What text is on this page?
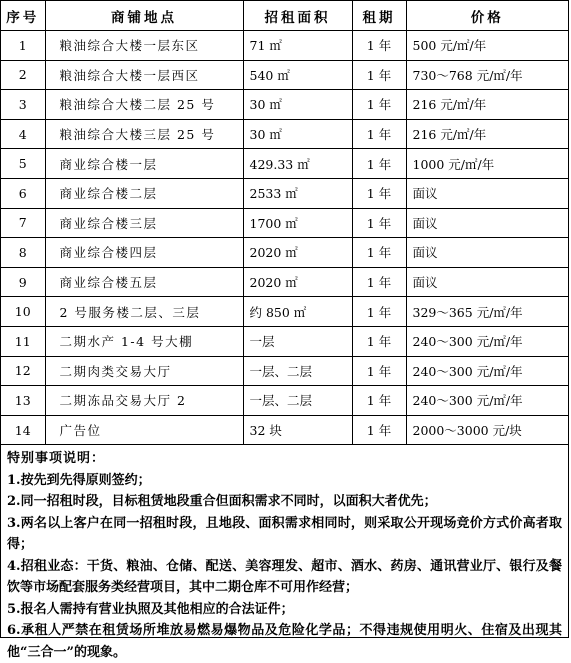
序号	商铺地点	招租面积	租期	价格
1	粮油综合大楼一层东区	71 ㎡	1 年	500 元/㎡/年
2	粮油综合大楼一层西区	540 ㎡	1 年	730～768 元/㎡/年
3	粮油综合大楼二层 25 号	30 ㎡	1 年	216 元/㎡/年
4	粮油综合大楼三层 25 号	30 ㎡	1 年	216 元/㎡/年
5	商业综合楼一层	429.33 ㎡	1 年	1000 元/㎡/年
6	商业综合楼二层	2533 ㎡	1 年	面议
7	商业综合楼三层	1700 ㎡	1 年	面议
8	商业综合楼四层	2020 ㎡	1 年	面议
9	商业综合楼五层	2020 ㎡	1 年	面议
10	2 号服务楼二层、三层	约 850 ㎡	1 年	329～365 元/㎡/年
11	二期水产 1-4 号大棚	一层	1 年	240～300 元/㎡/年
12	二期肉类交易大厅	一层、二层	1 年	240～300 元/㎡/年
13	二期冻品交易大厅 2	一层、二层	1 年	240～300 元/㎡/年
14	广告位	32 块	1 年	2000～3000 元/块

特别事项说明：

1.按先到先得原则签约；

2.同一招租时段，目标租赁地段重合但面积需求不同时，以面积大者优先；

3.两名以上客户在同一招租时段，且地段、面积需求相同时，则采取公开现场竞价方式价高者取得；

4.招租业态：干货、粮油、仓储、配送、美容理发、超市、酒水、药房、通讯营业厅、银行及餐饮等市场配套服务类经营项目，其中二期仓库不可用作经营；

5.报名人需持有营业执照及其他相应的合法证件；

6.承租人严禁在租赁场所堆放易燃易爆物品及危险化学品；不得违规使用明火、住宿及出现其他“三合一”的现象。
